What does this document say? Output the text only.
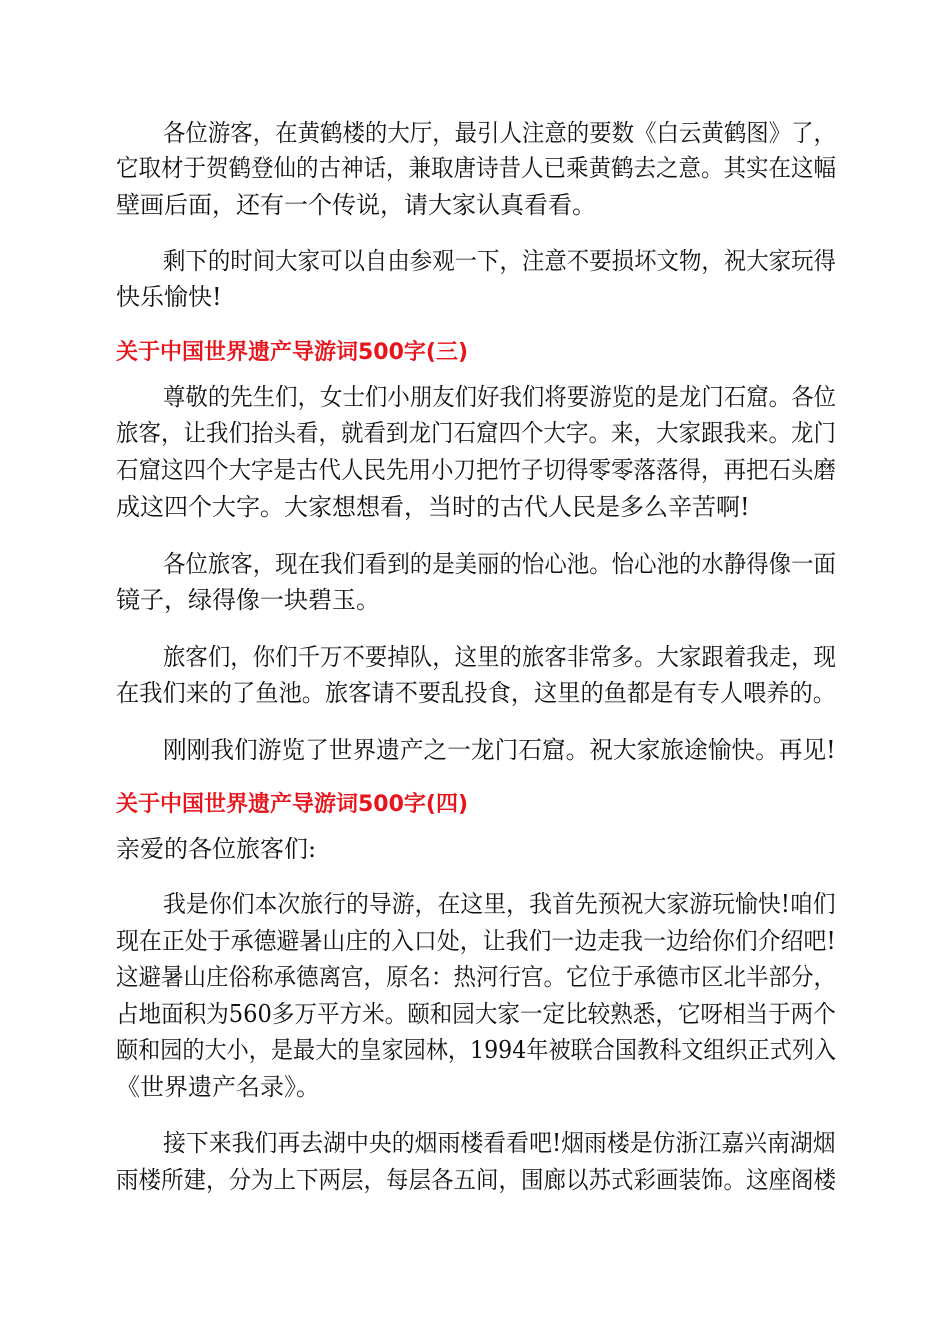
各位游客，在黄鹤楼的大厅，最引人注意的要数《白云黄鹤图》了，
它取材于贺鹤登仙的古神话，兼取唐诗昔人已乘黄鹤去之意。其实在这幅
壁画后面，还有一个传说，请大家认真看看。
剩下的时间大家可以自由参观一下，注意不要损坏文物，祝大家玩得
快乐愉快!
关于中国世界遗产导游词500字(三)
尊敬的先生们，女士们小朋友们好我们将要游览的是龙门石窟。各位
旅客，让我们抬头看，就看到龙门石窟四个大字。来，大家跟我来。龙门
石窟这四个大字是古代人民先用小刀把竹子切得零零落落得，再把石头磨
成这四个大字。大家想想看，当时的古代人民是多么辛苦啊!
各位旅客，现在我们看到的是美丽的怡心池。怡心池的水静得像一面
镜子，绿得像一块碧玉。
旅客们，你们千万不要掉队，这里的旅客非常多。大家跟着我走，现
在我们来的了鱼池。旅客请不要乱投食，这里的鱼都是有专人喂养的。
刚刚我们游览了世界遗产之一龙门石窟。祝大家旅途愉快。再见!
关于中国世界遗产导游词500字(四)
亲爱的各位旅客们:
我是你们本次旅行的导游，在这里，我首先预祝大家游玩愉快!咱们
现在正处于承德避暑山庄的入口处，让我们一边走我一边给你们介绍吧!
这避暑山庄俗称承德离宫，原名：热河行宫。它位于承德市区北半部分，
占地面积为560多万平方米。颐和园大家一定比较熟悉，它呀相当于两个
颐和园的大小，是最大的皇家园林，1994年被联合国教科文组织正式列入
《世界遗产名录》。
接下来我们再去湖中央的烟雨楼看看吧!烟雨楼是仿浙江嘉兴南湖烟
雨楼所建，分为上下两层，每层各五间，围廊以苏式彩画装饰。这座阁楼
